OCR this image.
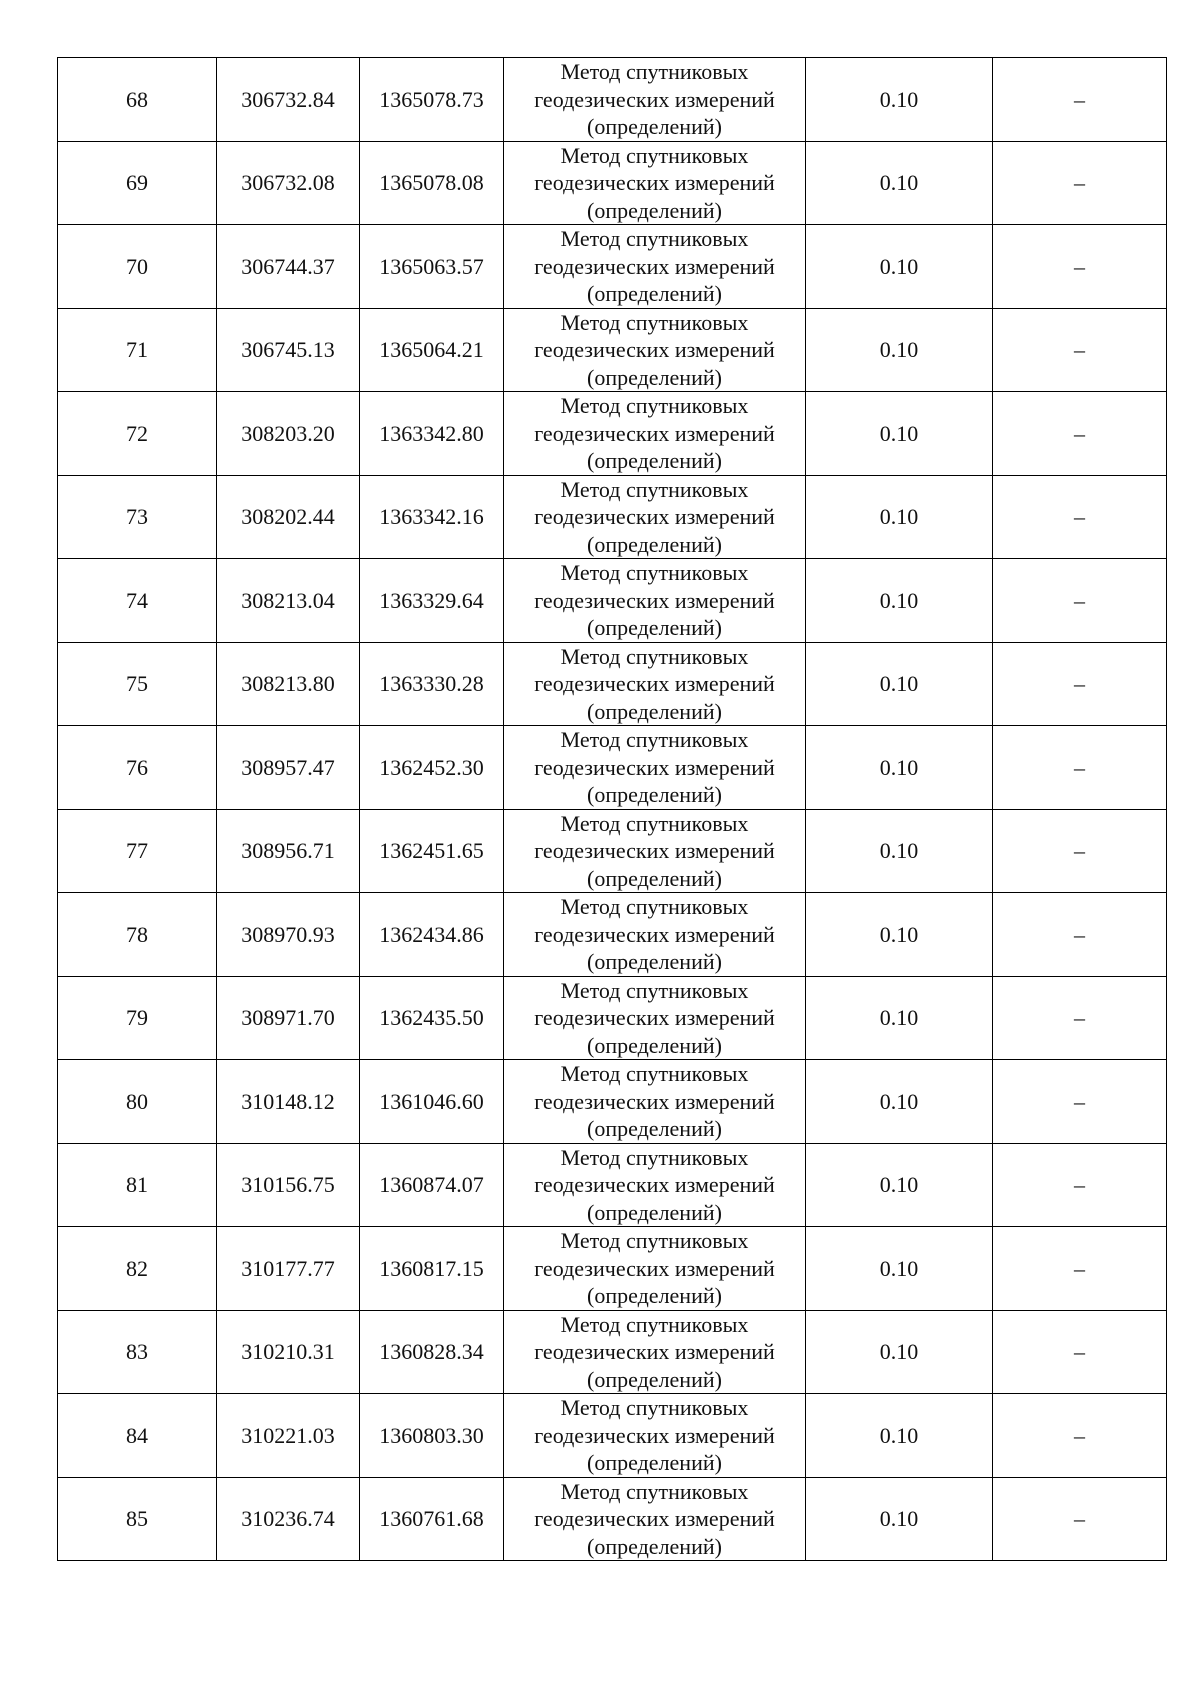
68	306732.84	1365078.73	Метод спутниковых геодезических измерений (определений)	0.10	–
69	306732.08	1365078.08	Метод спутниковых геодезических измерений (определений)	0.10	–
70	306744.37	1365063.57	Метод спутниковых геодезических измерений (определений)	0.10	–
71	306745.13	1365064.21	Метод спутниковых геодезических измерений (определений)	0.10	–
72	308203.20	1363342.80	Метод спутниковых геодезических измерений (определений)	0.10	–
73	308202.44	1363342.16	Метод спутниковых геодезических измерений (определений)	0.10	–
74	308213.04	1363329.64	Метод спутниковых геодезических измерений (определений)	0.10	–
75	308213.80	1363330.28	Метод спутниковых геодезических измерений (определений)	0.10	–
76	308957.47	1362452.30	Метод спутниковых геодезических измерений (определений)	0.10	–
77	308956.71	1362451.65	Метод спутниковых геодезических измерений (определений)	0.10	–
78	308970.93	1362434.86	Метод спутниковых геодезических измерений (определений)	0.10	–
79	308971.70	1362435.50	Метод спутниковых геодезических измерений (определений)	0.10	–
80	310148.12	1361046.60	Метод спутниковых геодезических измерений (определений)	0.10	–
81	310156.75	1360874.07	Метод спутниковых геодезических измерений (определений)	0.10	–
82	310177.77	1360817.15	Метод спутниковых геодезических измерений (определений)	0.10	–
83	310210.31	1360828.34	Метод спутниковых геодезических измерений (определений)	0.10	–
84	310221.03	1360803.30	Метод спутниковых геодезических измерений (определений)	0.10	–
85	310236.74	1360761.68	Метод спутниковых геодезических измерений (определений)	0.10	–
